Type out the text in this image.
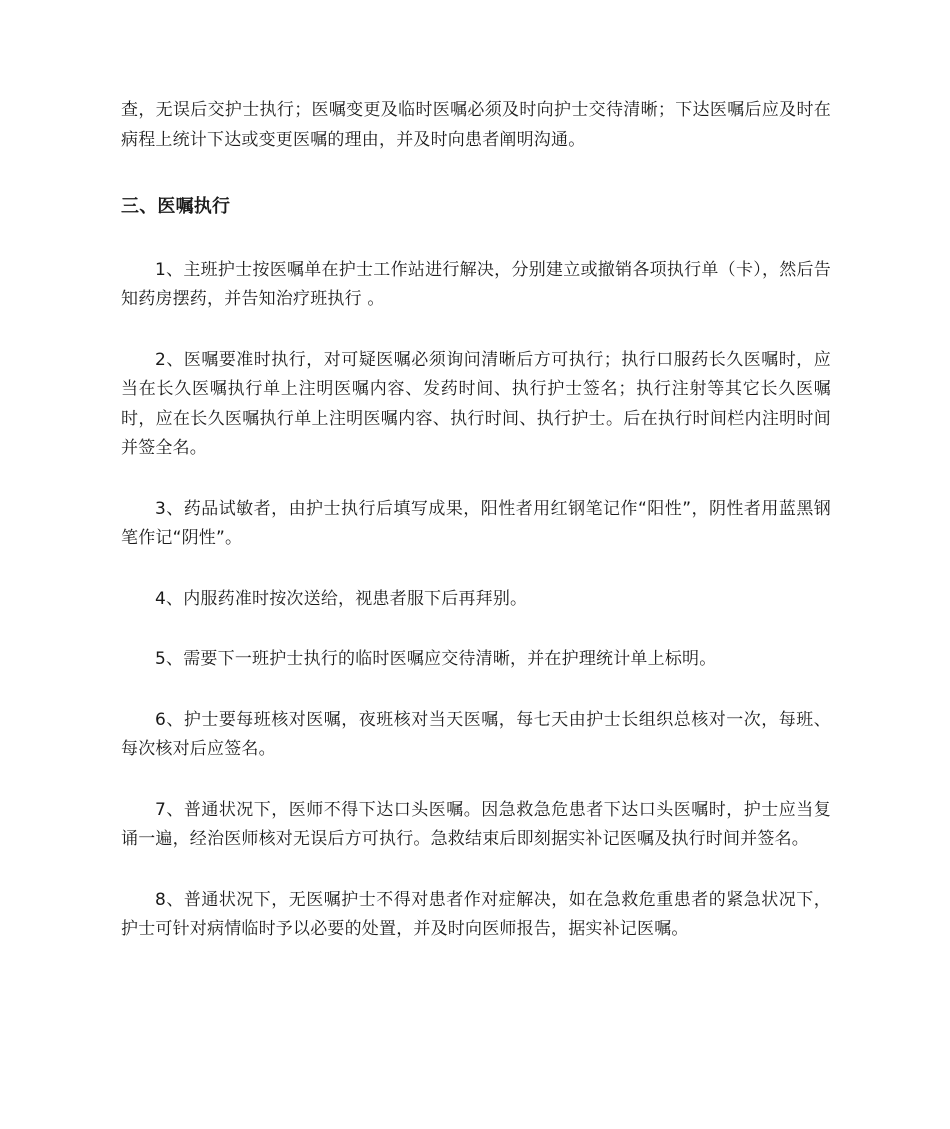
查，无误后交护士执行；医嘱变更及临时医嘱必须及时向护士交待清晰；下达医嘱后应及时在病程上统计下达或变更医嘱的理由，并及时向患者阐明沟通。

三、医嘱执行

1、主班护士按医嘱单在护士工作站进行解决，分别建立或撤销各项执行单（卡），然后告知药房摆药，并告知治疗班执行 。

2、医嘱要准时执行，对可疑医嘱必须询问清晰后方可执行；执行口服药长久医嘱时，应当在长久医嘱执行单上注明医嘱内容、发药时间、执行护士签名；执行注射等其它长久医嘱时，应在长久医嘱执行单上注明医嘱内容、执行时间、执行护士。后在执行时间栏内注明时间并签全名。

3、药品试敏者，由护士执行后填写成果，阳性者用红钢笔记作“阳性”，阴性者用蓝黑钢笔作记“阴性”。

4、内服药准时按次送给，视患者服下后再拜别。

5、需要下一班护士执行的临时医嘱应交待清晰，并在护理统计单上标明。

6、护士要每班核对医嘱，夜班核对当天医嘱，每七天由护士长组织总核对一次，每班、每次核对后应签名。

7、普通状况下，医师不得下达口头医嘱。因急救急危患者下达口头医嘱时，护士应当复诵一遍，经治医师核对无误后方可执行。急救结束后即刻据实补记医嘱及执行时间并签名。

8、普通状况下，无医嘱护士不得对患者作对症解决，如在急救危重患者的紧急状况下，护士可针对病情临时予以必要的处置，并及时向医师报告，据实补记医嘱。
